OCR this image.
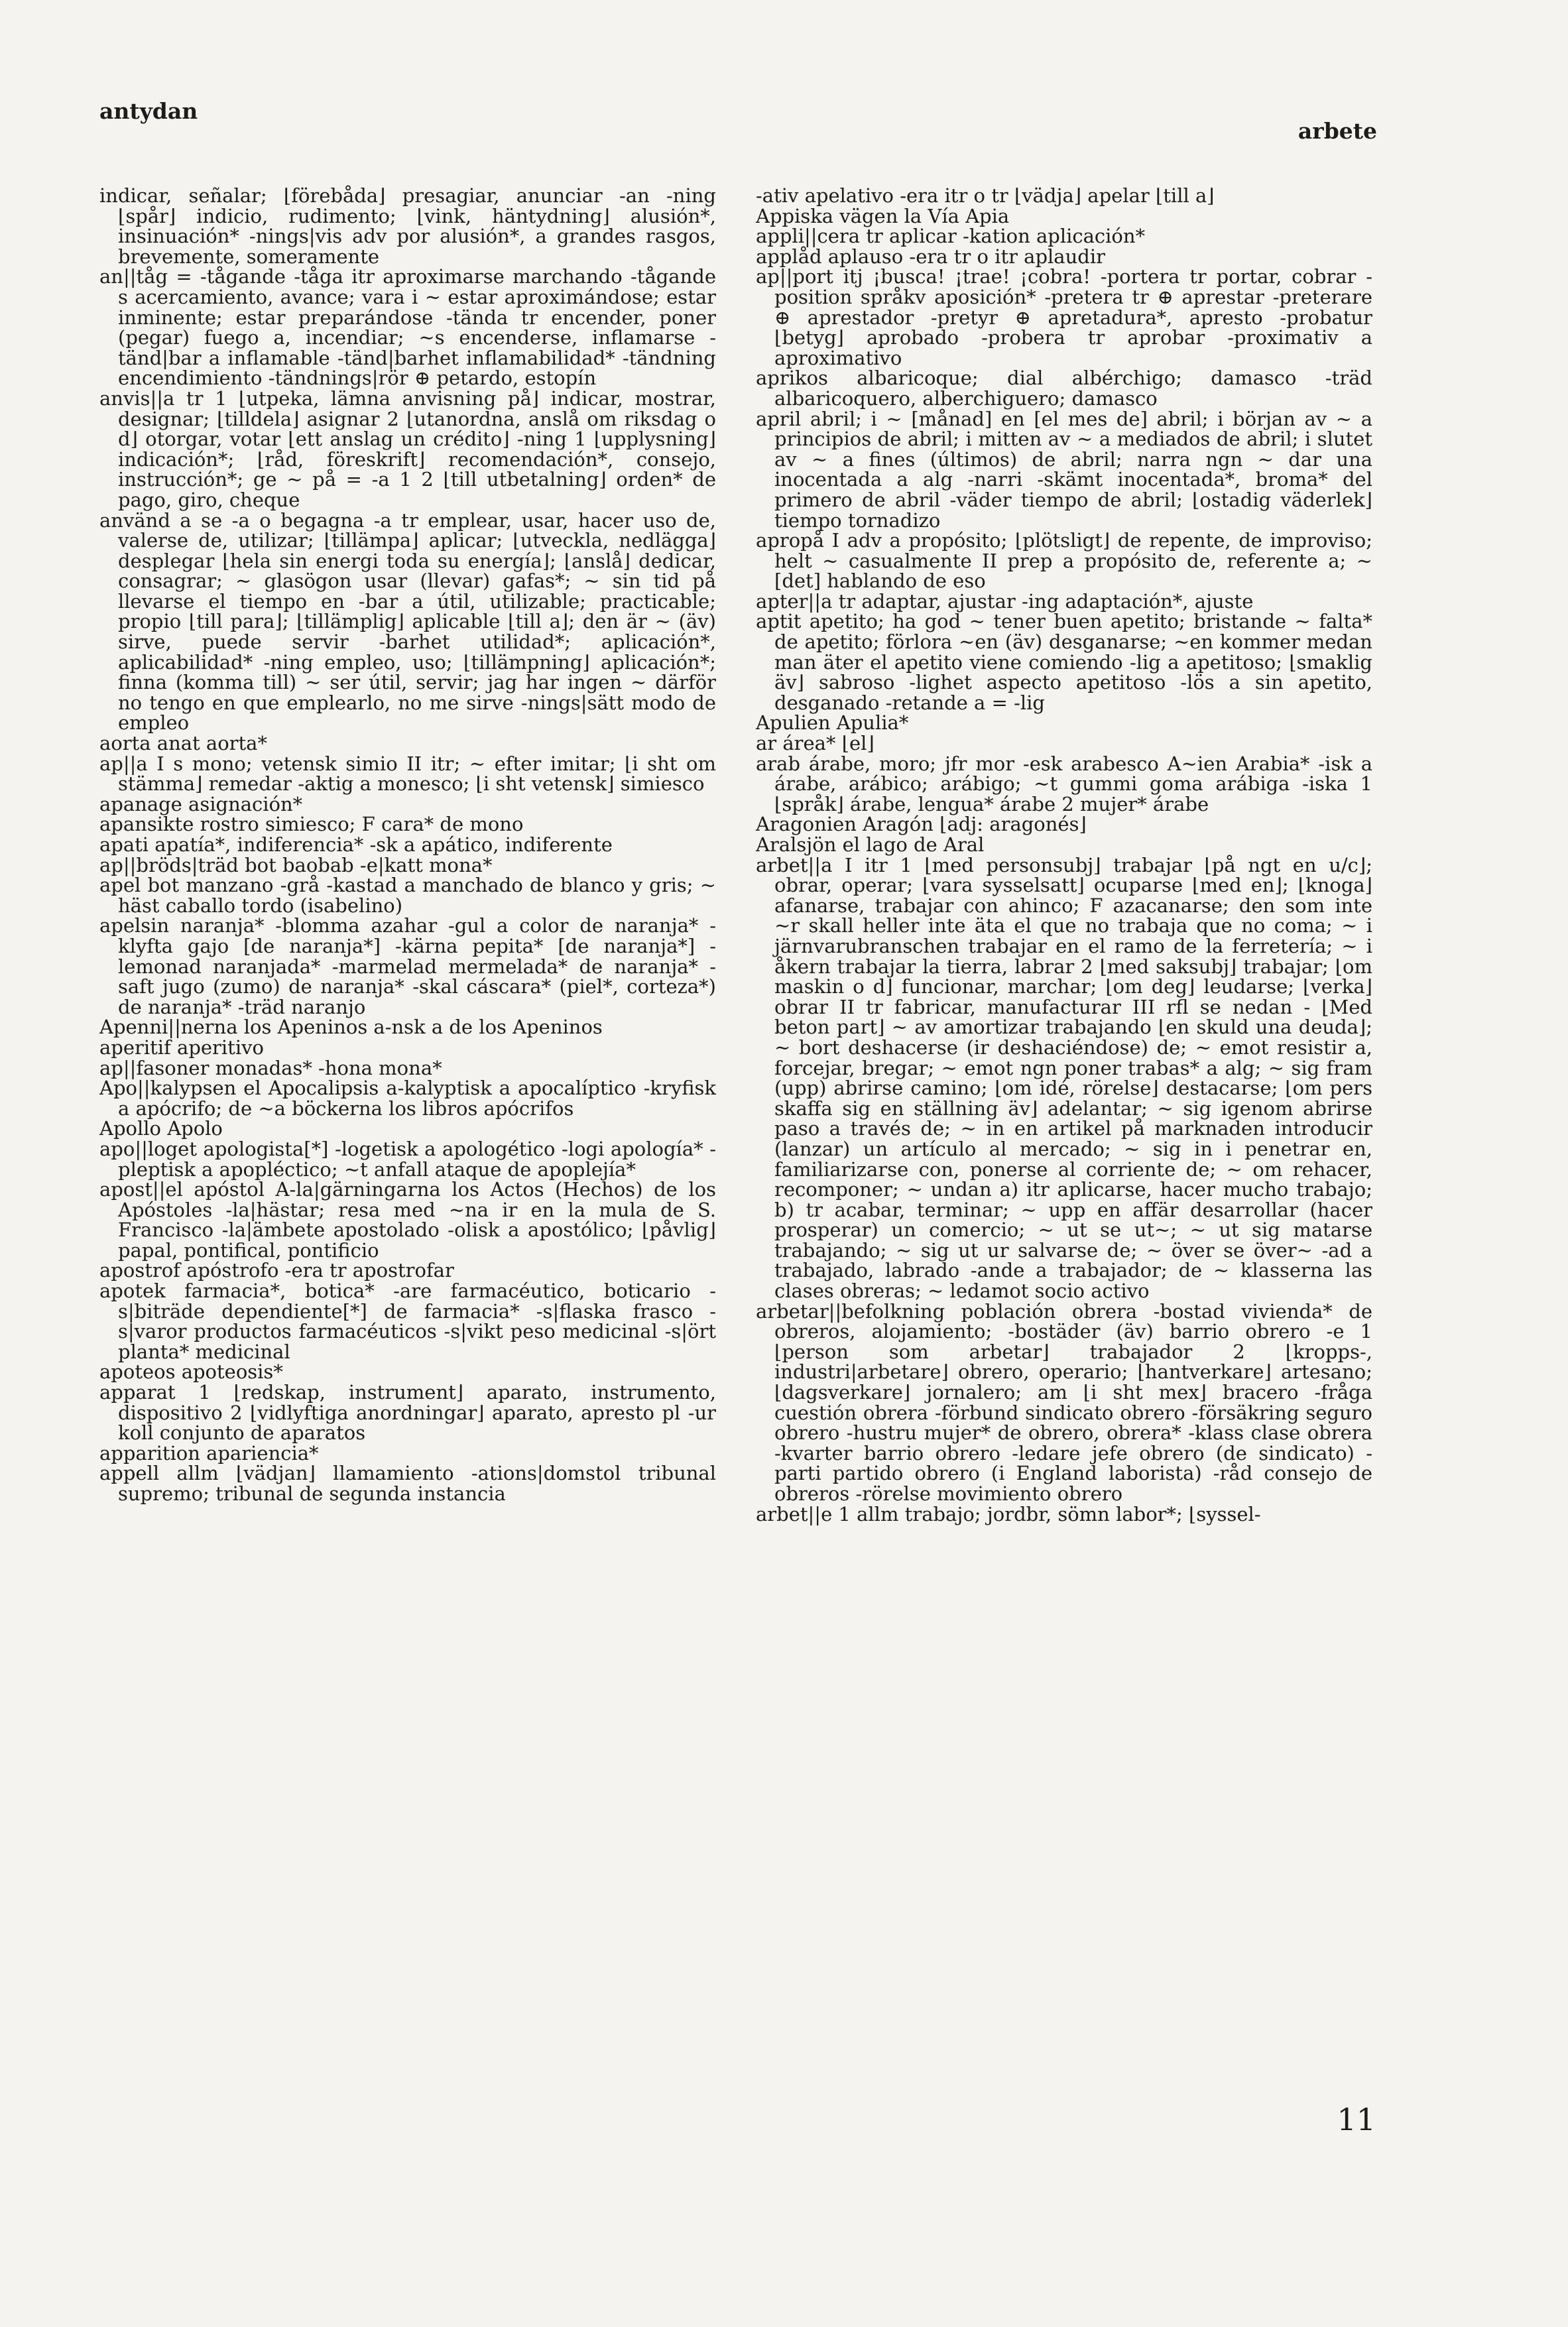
antydan
arbete

indicar, señalar; ⌊förebåda⌋ presagiar, anunciar -an -ning ⌊spår⌋ indicio, rudimento; ⌊vink, häntydning⌋ alusión*, insinuación* -nings|vis adv por alusión*, a grandes rasgos, brevemente, someramente

an||tåg = -tågande -tåga itr aproximarse marchando -tågande s acercamiento, avance; vara i ~ estar aproximándose; estar inminente; estar preparándose -tända tr encender, poner (pegar) fuego a, incendiar; ~s encenderse, inflamarse -tänd|bar a inflamable -tänd|barhet inflamabilidad* -tändning encendimiento -tändnings|rör ⊕ petardo, estopín

anvis||a tr 1 ⌊utpeka, lämna anvisning på⌋ indicar, mostrar, designar; ⌊tilldela⌋ asignar 2 ⌊utanordna, anslå om riksdag o d⌋ otorgar, votar ⌊ett anslag un crédito⌋ -ning 1 ⌊upplysning⌋ indicación*; ⌊råd, föreskrift⌋ recomendación*, consejo, instrucción*; ge ~ på = -a 1 2 ⌊till utbetalning⌋ orden* de pago, giro, cheque

använd a se -a o begagna -a tr emplear, usar, hacer uso de, valerse de, utilizar; ⌊tillämpa⌋ aplicar; ⌊utveckla, nedlägga⌋ desplegar ⌊hela sin energi toda su energía⌋; ⌊anslå⌋ dedicar, consagrar; ~ glasögon usar (llevar) gafas*; ~ sin tid på llevarse el tiempo en -bar a útil, utilizable; practicable; propio ⌊till para⌋; ⌊tillämplig⌋ aplicable ⌊till a⌋; den är ~ (äv) sirve, puede servir -barhet utilidad*; aplicación*, aplicabilidad* -ning empleo, uso; ⌊tillämpning⌋ aplicación*; finna (komma till) ~ ser útil, servir; jag har ingen ~ därför no tengo en que emplearlo, no me sirve -nings|sätt modo de empleo

aorta anat aorta*

ap||a I s mono; vetensk simio II itr; ~ efter imitar; ⌊i sht om stämma⌋ remedar -aktig a monesco; ⌊i sht vetensk⌋ simiesco

apanage asignación*

apansikte rostro simiesco; F cara* de mono

apati apatía*, indiferencia* -sk a apático, indiferente

ap||bröds|träd bot baobab -e|katt mona*

apel bot manzano -grå -kastad a manchado de blanco y gris; ~ häst caballo tordo (isabelino)

apelsin naranja* -blomma azahar -gul a color de naranja* -klyfta gajo [de naranja*] -kärna pepita* [de naranja*] -lemonad naranjada* -marmelad mermelada* de naranja* -saft jugo (zumo) de naranja* -skal cáscara* (piel*, corteza*) de naranja* -träd naranjo

Apenni||nerna los Apeninos a-nsk a de los Apeninos

aperitif aperitivo

ap||fasoner monadas* -hona mona*

Apo||kalypsen el Apocalipsis a-kalyptisk a apocalíptico -kryfisk a apócrifo; de ~a böckerna los libros apócrifos

Apollo Apolo

apo||loget apologista[*] -logetisk a apologético -logi apología* -pleptisk a apopléctico; ~t anfall ataque de apoplejía*

apost||el apóstol A-la|gärningarna los Actos (Hechos) de los Apóstoles -la|hästar; resa med ~na ir en la mula de S. Francisco -la|ämbete apostolado -olisk a apostólico; ⌊påvlig⌋ papal, pontifical, pontificio

apostrof apóstrofo -era tr apostrofar

apotek farmacia*, botica* -are farmacéutico, boticario -s|biträde dependiente[*] de farmacia* -s|flaska frasco -s|varor productos farmacéuticos -s|vikt peso medicinal -s|ört planta* medicinal

apoteos apoteosis*

apparat 1 ⌊redskap, instrument⌋ aparato, instrumento, dispositivo 2 ⌊vidlyftiga anordningar⌋ aparato, apresto pl -ur koll conjunto de aparatos

apparition apariencia*

appell allm ⌊vädjan⌋ llamamiento -ations|domstol tribunal supremo; tribunal de segunda instancia

-ativ apelativo -era itr o tr ⌊vädja⌋ apelar ⌊till a⌋

Appiska vägen la Vía Apia

appli||cera tr aplicar -kation aplicación*

applåd aplauso -era tr o itr aplaudir

ap||port itj ¡busca! ¡trae! ¡cobra! -portera tr portar, cobrar -position språkv aposición* -pretera tr ⊕ aprestar -preterare ⊕ aprestador -pretyr ⊕ apretadura*, apresto -probatur ⌊betyg⌋ aprobado -probera tr aprobar -proximativ a aproximativo

aprikos albaricoque; dial albérchigo; damasco -träd albaricoquero, alberchiguero; damasco

april abril; i ~ [månad] en [el mes de] abril; i början av ~ a principios de abril; i mitten av ~ a mediados de abril; i slutet av ~ a fines (últimos) de abril; narra ngn ~ dar una inocentada a alg -narri -skämt inocentada*, broma* del primero de abril -väder tiempo de abril; ⌊ostadig väderlek⌋ tiempo tornadizo

apropå I adv a propósito; ⌊plötsligt⌋ de repente, de improviso; helt ~ casualmente II prep a propósito de, referente a; ~ [det] hablando de eso

apter||a tr adaptar, ajustar -ing adaptación*, ajuste

aptit apetito; ha god ~ tener buen apetito; bristande ~ falta* de apetito; förlora ~en (äv) desganarse; ~en kommer medan man äter el apetito viene comiendo -lig a apetitoso; ⌊smaklig äv⌋ sabroso -lighet aspecto apetitoso -lös a sin apetito, desganado -retande a = -lig

Apulien Apulia*

ar área* ⌊el⌋

arab árabe, moro; jfr mor -esk arabesco A~ien Arabia* -isk a árabe, arábico; arábigo; ~t gummi goma arábiga -iska 1 ⌊språk⌋ árabe, lengua* árabe 2 mujer* árabe

Aragonien Aragón ⌊adj: aragonés⌋

Aralsjön el lago de Aral

arbet||a I itr 1 ⌊med personsubj⌋ trabajar ⌊på ngt en u/c⌋; obrar, operar; ⌊vara sysselsatt⌋ ocuparse ⌊med en⌋; ⌊knoga⌋ afanarse, trabajar con ahinco; F azacanarse; den som inte ~r skall heller inte äta el que no trabaja que no coma; ~ i järnvarubranschen trabajar en el ramo de la ferretería; ~ i åkern trabajar la tierra, labrar 2 ⌊med saksubj⌋ trabajar; ⌊om maskin o d⌋ funcionar, marchar; ⌊om deg⌋ leudarse; ⌊verka⌋ obrar II tr fabricar, manufacturar III rfl se nedan - ⌊Med beton part⌋ ~ av amortizar trabajando ⌊en skuld una deuda⌋; ~ bort deshacerse (ir deshaciéndose) de; ~ emot resistir a, forcejar, bregar; ~ emot ngn poner trabas* a alg; ~ sig fram (upp) abrirse camino; ⌊om idé, rörelse⌋ destacarse; ⌊om pers skaffa sig en ställning äv⌋ adelantar; ~ sig igenom abrirse paso a través de; ~ in en artikel på marknaden introducir (lanzar) un artículo al mercado; ~ sig in i penetrar en, familiarizarse con, ponerse al corriente de; ~ om rehacer, recomponer; ~ undan a) itr aplicarse, hacer mucho trabajo; b) tr acabar, terminar; ~ upp en affär desarrollar (hacer prosperar) un comercio; ~ ut se ut~; ~ ut sig matarse trabajando; ~ sig ut ur salvarse de; ~ över se över~ -ad a trabajado, labrado -ande a trabajador; de ~ klasserna las clases obreras; ~ ledamot socio activo

arbetar||befolkning población obrera -bostad vivienda* de obreros, alojamiento; -bostäder (äv) barrio obrero -e 1 ⌊person som arbetar⌋ trabajador 2 ⌊kropps-, industri|arbetare⌋ obrero, operario; ⌊hantverkare⌋ artesano; ⌊dagsverkare⌋ jornalero; am ⌊i sht mex⌋ bracero -fråga cuestión obrera -förbund sindicato obrero -försäkring seguro obrero -hustru mujer* de obrero, obrera* -klass clase obrera -kvarter barrio obrero -ledare jefe obrero (de sindicato) -parti partido obrero (i England laborista) -råd consejo de obreros -rörelse movimiento obrero

arbet||e 1 allm trabajo; jordbr, sömn labor*; ⌊syssel-

11
